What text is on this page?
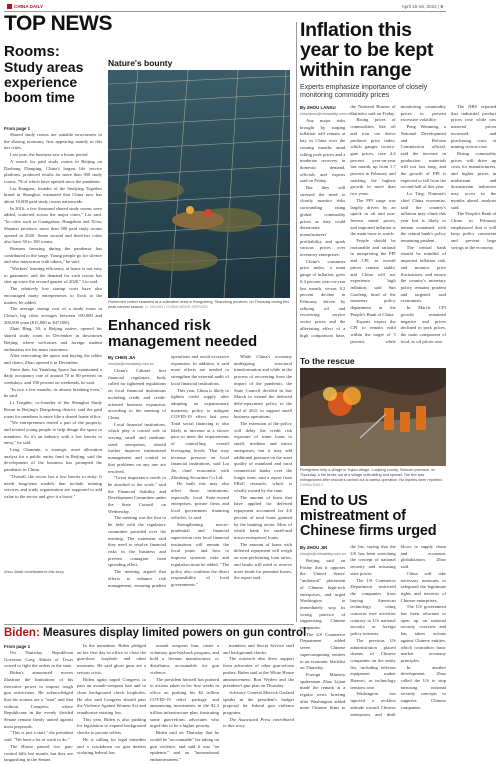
CHINA DAILY	April 15-16, 2024 | 5
TOP NEWS
Rooms:
Study areas experience boom time
From page 1

Shared study rooms are suitable newcomers to the sharing economy, first appearing mainly in this tier cities.

Last year, the business saw a boom period.

A search for paid study rooms in Beijing on Dazhong Dianping, China's largest life service platform, produced results for more than 300 study rooms, 78 of which have opened since the pandemic.

Liu Kangsen, founder of the Studying Together brand in Shanghai, estimated that China now has about 10,000 paid study rooms nationwide.

In 2016, a few thousand shared study rooms were added, scattered across the major cities," Liu said. "In cities such as Guangzhou, Hangzhou and Xi'an, Shaanxi province, more than 500 paid study rooms opened in 2020. Some second and third-tier cities also have 50 to 100 rooms.

Reasons favoring during the pandemic has contributed to the surge. Young people go for silence and also interaction with others," he said.

"Workers' learning efficiency at home is not easy to guarantee, and the demand for such rooms has shot up since the second quarter of 2020," Liu said.

The relatively low startup costs have also encouraged many entrepreneurs to flock to the market, he added.

The average startup cost of a study room in China's big cities averages between 100,000 and 300,000 yuan ($15,800 to $47,000).

Zhao Bing, 50, a Beijing native, opened his shared study room in December in downtown Beijing, where welcomes and foreign student enthusiasts are his main customers.

After renovating the space and buying the tables and chairs, Zhao opened it in December.

Since then, his Yuanlong Space has maintained a daily occupancy rate of around 70 to 80 percent on weekdays, and 100 percent on weekends, he said.

"In two a few months, its almost breaking even," he said.

Li Tongbin, co-founder of the Shanghai Study Room in Beijing's Dongcheng district, said the paid room for members is more like a shared home office.

"We entrepreneurs rented a part of the property, and invited young people to help design the space to members. So it's an industry with a low barrier to entry," he said.

Leng Chunmin, a strategic asset allocation analyst for a public entity fund in Beijing, said the development of the business has prompted the pandemic in China.

"Overall, the sector has a low barrier to entry. It needs long-term models that include training services and study organization are supposed to add value to the sector and give it a boost."

Zhou Jiaxin contributed to this story.
Nature's bounty
Fishermen collect seaweed at a cultivation area in Rongcheng, Shandong province, on Thursday during this peak harvest season. LI XINJUN / CHINA NEWS SERVICE
Enhanced risk management needed
By CHEN JIA
chenjia@chinadaily.com.cn

China's Cabinet first financial regulators body called for tightened regulations on local financial institutions including credit and credit-oriented business expansion, according to the meeting of China.

Local financial institutions, which play a crucial role in serving small and medium-sized enterprises, should further improve institutional management and control so that problems on any one are resolved.

"Great importance needs to be attached to the work," said the Financial Stability and Development Committee under the State Council on Wednesday.

The meeting was the first to be held with the regulatory committee presided over the meeting. The statement said they need to resolve financial risks in the business and prevent contagion from spreading effect.

The meeting argued that efforts to enhance risk management, ensuring prudent operations and avoid excessive expansion. In addition, it said more efforts are needed to strengthen the external audit of local financial institutions.

This year, China is likely to tighten credit supply after adopting an expansionary monetary policy to mitigate COVID-19 effect last year. Total social financing is also likely to increase at a slower pace to meet the requirements of controlling overall leveraging levels. That may increase pressure on local financial institutions, said Liu Jie, chief economist with Zhesheng Securities Co Ltd.

He built risk may also affect those institutions, especially local State-owned enterprises, private firms and local government financing vehicles, Li said.

Strengthening macro-prudential and financial supervision over local financial institutions will remain the focal point, and how to improve systemic risks and regulation must be added. "The policy also confirms the direct responsibility of local governments."

While China's economy undergoing structural transformation and while in the process of recovering from the impact of the pandemic, the State Council decided in late March to extend the deferred debt-repayment policy to the end of 2021 to support small business operations.

The extension of the policy will delay the credit risk exposure of some loans to small, medium and micro enterprises, but it may add additional pressure on the asset quality of mainland and rural commercial banks over the longer term, said a report from PBoC research, which is wholly owned by the state.

The amount of loans that have applied for deferred repayment accounted for 4.6 percent of total loans granted by the banking sector. Most of which bank for small-and micro-enterprises' loans.

The amount of loans with deferred repayment will weigh on non-performing loan ratios, and banks will need to reserve more funds for potential losses, the report said.

Inflation this year to be kept within range
Experts emphasize importance of closely monitoring commodity prices
By ZHOU LANXU
zhoulanxu@chinadaily.com.cn

Any major risks brought by surging inflation will remain at bay in China over the coming months amid falling pork prices and a moderate recovery in domestic demand, officials and experts said on Friday.

But they still stressed the need to closely monitor risks surrounding rising global commodity prices as they could deteriorate manufacturers' profitability and spark various prices over inventory enterprises.

China's consumer price index, a main gauge of inflation, grew 0.4 percent year-on-year last month, versus 0.2 percent decline in February, driven by rallying oil and recovering service sector prices and the alleviating effect of a high comparison base, the National Bureau of Statistics said on Friday.

Rising prices of commodities like oil and iron ore drove producer price index, which gauges factory-gate prices, rose 4.4 percent year-on-year last month, up from 1.7 percent in February and marking the highest growth in more than two years.

The PPI surge was largely driven by an uptick in oil and non-ferrous metal prices, and imported inflation is the main issue to watch.

People should be reasonable and rational in interpreting the PPI and CPI, as overall prices remain stable, and China will not experience high inflation, said Sun Guofeng, head of the monetary policy department at the People's Bank of China.

Experts expect the CPI to remain mild within the target of 3 percent, while monitoring commodity prices to prevent excessive volatility.

Peng Wenming, a National Development and Reform Commission official, said the increase in production materials will not last long, and the growth of PPI is expected to fall from the second half of this year.

Lu Ting, Nomura's chief China economist, said the country's inflation may climb this year but is likely to remain contained, with the central bank's policy remaining prudent.

The central bank should be mindful of imported inflation risk, and monitor price fluctuations, and ensure the country's monetary policy remains prudent and targeted, said economists.

In March, CPI growth remained negative and prices declined in pork prices, the main component of food, as oil prices rose.

The NBS reported that industrial product prices rose while raw material prices increased, and purchasing costs of mining sectors rose.

Rising commodity prices will drive up costs for manufacturers, and higher prices in midstream and downstream industries may occur in the months ahead, analysts said.

The People's Bank of China in February emphasized that it will keep policy consistent and prevent large swings in the economy.

To the rescue
Firefighters help a village in Yujiao village, Luojiang county, Sichuan province, on Thursday. A fire broke out at a village outbuilding and spread. The fire was extinguished after rescuers carried out a careful operation. No injuries were reported. CHINA DAILY
End to US mistreatment of Chinese firms urged
By ZHOU JIN
zhoujin@chinadaily.com.cn

Beijing said on Friday that it opposes the United States' "unilateral" placement of Chinese high-tech enterprises, and urged Washington to immediately stop its wrong practice of suppressing Chinese companies.

The US Commerce Department added seven Chinese supercomputing entities to an economic blacklist on Thursday.

Foreign Ministry spokesman Zhao Lijian made the remark at a regular news briefing after Washington added more Chinese firms to the list, saying that the US has been stretching the concept of national security and misusing state power.

The US Commerce Department restricted the companies from buying American technology, citing concerns over activities contrary to US national security or foreign policy interests.

The previous US administration placed dozens of Chinese companies on the entity list, including telecom equipment maker Huawei, as technology tensions rose.

Washington has injected a reckless attitude toward Chinese enterprises and dealt blows to supply chain and economic globalization, Zhao said.

China will take necessary measures to safeguard the legitimate rights and interests of Chinese enterprises.

The US government has been reluctant to open up on national security concerns and has taken actions against Chinese entities, which contradicts basic market economy principles.

In another development, Zhao called the US to stop misusing national security concepts to suppress Chinese companies.

Biden: Measures display limited powers on gun control
From page 1

On Thursday, Republican Governor Greg Abbott of Texas vowed to fight the orders in the state.

Biden's announced moves illustrate the limitations of his executive power to impose tough gun restrictions. He acknowledged that his actions are a "start" and that without Congress, where Republicans in the evenly divided Senate remain firmly united against most proposals.

"This is just a start," the president said. "We have a lot of work to do."

The House passed two gun-control bills last month, but they are languishing in the Senate.

In the meantime, Biden pledged on his first day in office to close the gun-show loophole and other measures. He said ghost guns are a serious crisis.

Biden again urged Congress to pass an assault-weapons ban and to close background check loopholes. He also said Congress should pass the Violence Against Women Act and reauthorize existing law.

This year, Biden is also pushing for legislation to expand background checks to private sellers.

He is calling for legal remedies and a crackdown on gun dealers violating federal law.

assault weapons ban, create a voluntary gun-buyback program, and hold a firearm manufacturer, or distributor, accountable for gun violence.

The president himself has pointed to actions taken in his first weeks in office on pushing his $2 trillion COVID-19 relief package and announcing investments in the $2.3 trillion infrastructure plan, frustrating some gun-reform advocates who urged this to be a higher priority.

Biden said on Thursday that he would be "accountable" for taking on gun violence, and said it was "an epidemic" and an "international embarrassment."

members and Secret Service staff and background checks.

The outreach also drew support from advocates of other gun-reform pushes, Biden said at the White House announcement. Ron Wyden and the president's gun plan on Thursday.

Advisory General Merrick Garland speaks in the president's budget proposal for federal gun violence programs.

The Associated Press contributed to this story.
